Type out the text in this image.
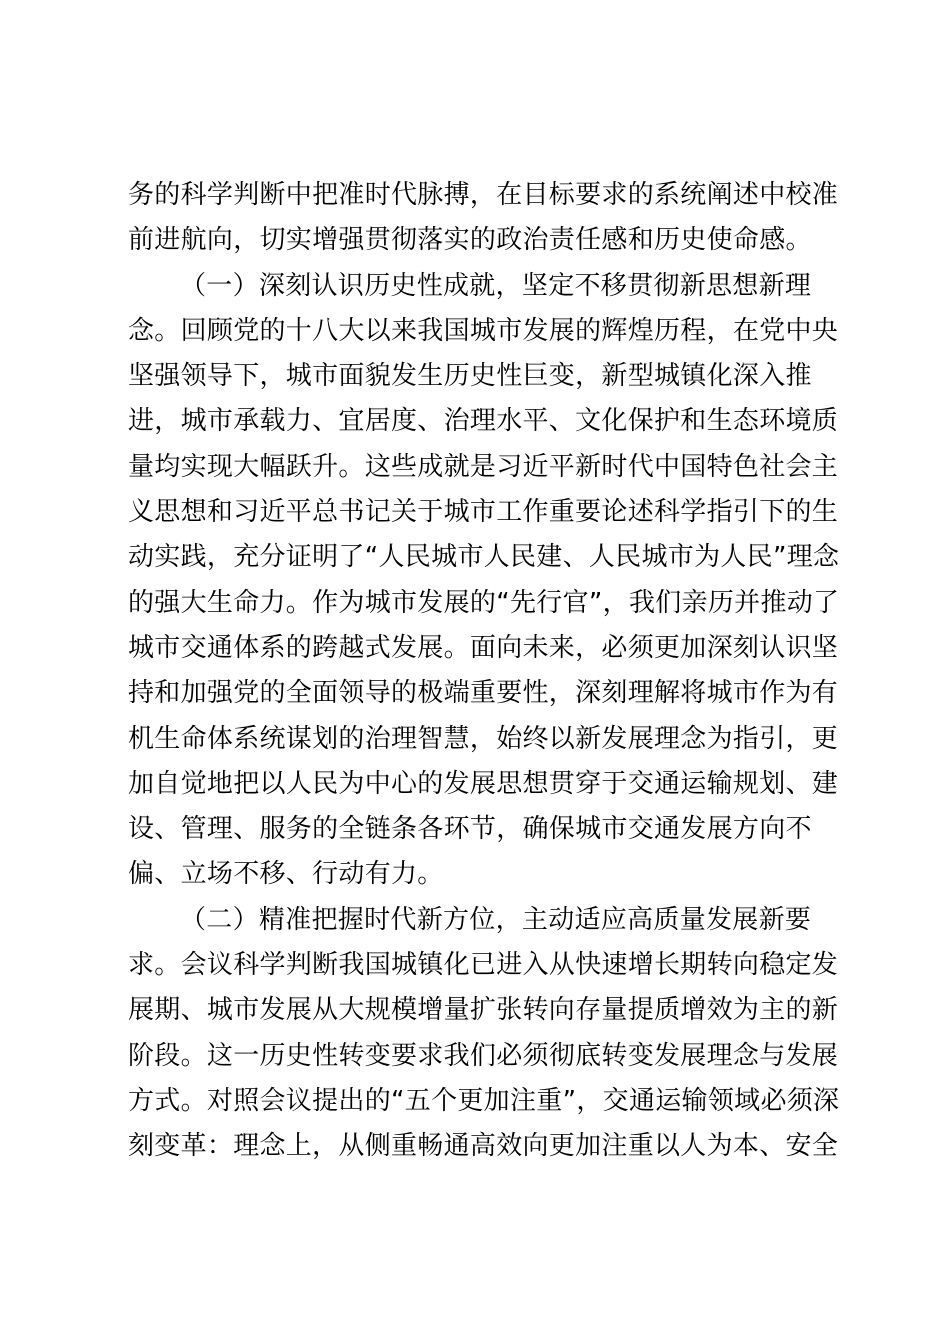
务的科学判断中把准时代脉搏，在目标要求的系统阐述中校准
前进航向，切实增强贯彻落实的政治责任感和历史使命感。
（一）深刻认识历史性成就，坚定不移贯彻新思想新理
念。回顾党的十八大以来我国城市发展的辉煌历程，在党中央
坚强领导下，城市面貌发生历史性巨变，新型城镇化深入推
进，城市承载力、宜居度、治理水平、文化保护和生态环境质
量均实现大幅跃升。这些成就是习近平新时代中国特色社会主
义思想和习近平总书记关于城市工作重要论述科学指引下的生
动实践，充分证明了“人民城市人民建、人民城市为人民”理念
的强大生命力。作为城市发展的“先行官”，我们亲历并推动了
城市交通体系的跨越式发展。面向未来，必须更加深刻认识坚
持和加强党的全面领导的极端重要性，深刻理解将城市作为有
机生命体系统谋划的治理智慧，始终以新发展理念为指引，更
加自觉地把以人民为中心的发展思想贯穿于交通运输规划、建
设、管理、服务的全链条各环节，确保城市交通发展方向不
偏、立场不移、行动有力。
（二）精准把握时代新方位，主动适应高质量发展新要
求。会议科学判断我国城镇化已进入从快速增长期转向稳定发
展期、城市发展从大规模增量扩张转向存量提质增效为主的新
阶段。这一历史性转变要求我们必须彻底转变发展理念与发展
方式。对照会议提出的“五个更加注重”，交通运输领域必须深
刻变革：理念上，从侧重畅通高效向更加注重以人为本、安全
